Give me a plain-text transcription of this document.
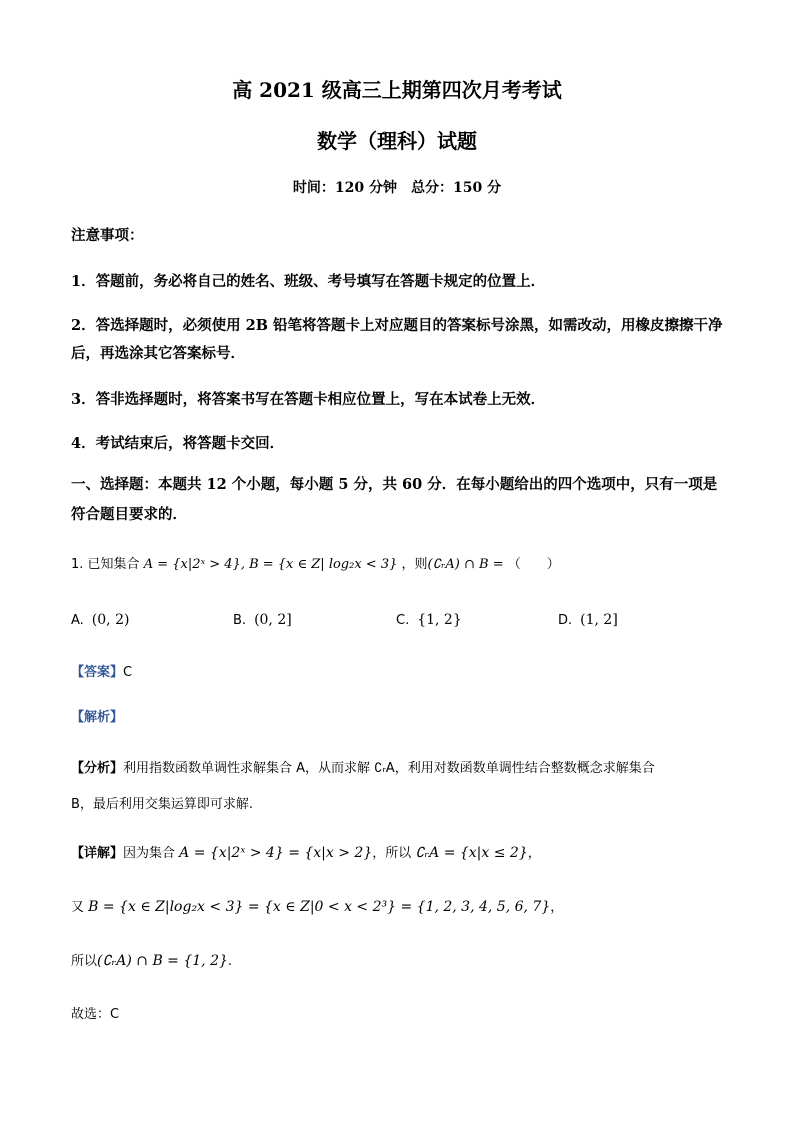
高 2021 级高三上期第四次月考考试
数学（理科）试题
时间：120 分钟　总分：150 分
注意事项：
1．答题前，务必将自己的姓名、班级、考号填写在答题卡规定的位置上．
2．答选择题时，必须使用 2B 铅笔将答题卡上对应题目的答案标号涂黑，如需改动，用橡皮擦擦干净后，再选涂其它答案标号．
3．答非选择题时，将答案书写在答题卡相应位置上，写在本试卷上无效．
4．考试结束后，将答题卡交回．
一、选择题：本题共 12 个小题，每小题 5 分，共 60 分．在每小题给出的四个选项中，只有一项是符合题目要求的．
1. 已知集合 A = {x|2ˣ > 4}, B = {x ∈ Z| log₂x < 3} ，则(∁ᵣA) ∩ B = （　　）
A. (0, 2)	B. (0, 2]	C. {1, 2}	D. (1, 2]
【答案】C
【解析】
【分析】利用指数函数单调性求解集合 A，从而求解 ∁ᵣA，利用对数函数单调性结合整数概念求解集合
B，最后利用交集运算即可求解.
【详解】因为集合 A = {x|2ˣ > 4} = {x|x > 2}，所以 ∁ᵣA = {x|x ≤ 2}，
又 B = {x ∈ Z|log₂x < 3} = {x ∈ Z|0 < x < 2³} = {1, 2, 3, 4, 5, 6, 7}，
所以(∁ᵣA) ∩ B = {1, 2}.
故选：C
